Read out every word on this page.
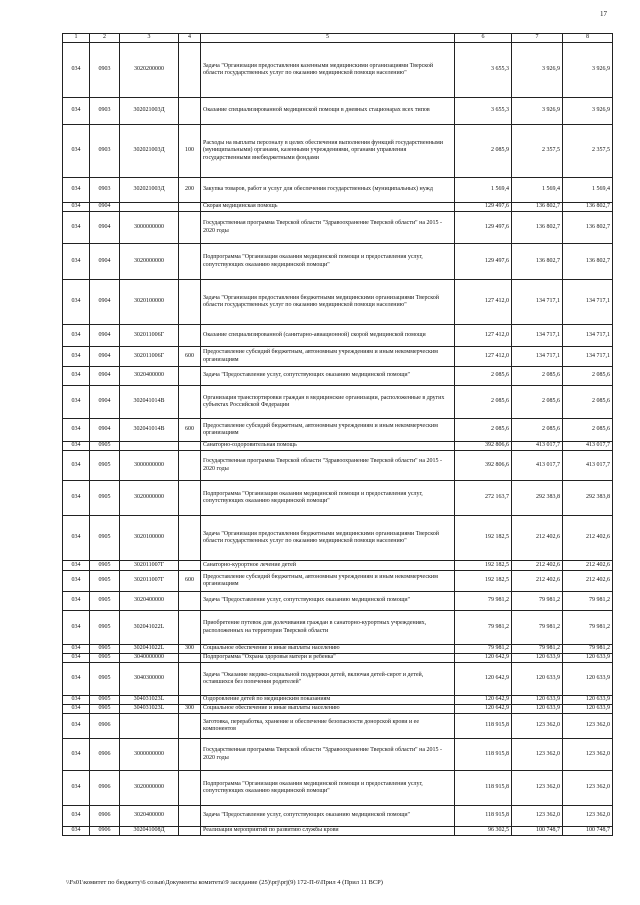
17
1	2	3	4	5	6	7	8
034	0903	3020200000		Задача "Организация предоставления казенными медицинскими организациями Тверской области государственных услуг по оказанию медицинской помощи населению"	3 655,3	3 926,9	3 926,9
034	0903	302021003Д		Оказание специализированной медицинской помощи в дневных стационарах всех типов	3 655,3	3 926,9	3 926,9
034	0903	302021003Д	100	Расходы на выплаты персоналу в целях обеспечения выполнения функций государственными (муниципальными) органами, казенными учреждениями, органами управления государственными внебюджетными фондами	2 085,9	2 357,5	2 357,5
034	0903	302021003Д	200	Закупка товаров, работ и услуг для обеспечения государственных (муниципальных) нужд	1 569,4	1 569,4	1 569,4
034	0904			Скорая медицинская помощь	129 497,6	136 802,7	136 802,7
034	0904	3000000000		Государственная программа Тверской области "Здравоохранение Тверской области" на 2015 - 2020 годы	129 497,6	136 802,7	136 802,7
034	0904	3020000000		Подпрограмма "Организация оказания медицинской помощи и предоставления услуг, сопутствующих оказанию медицинской помощи"	129 497,6	136 802,7	136 802,7
034	0904	3020100000		Задача "Организация предоставления бюджетными медицинскими организациями Тверской области государственных услуг по оказанию медицинской помощи населению"	127 412,0	134 717,1	134 717,1
034	0904	302011006Г		Оказание специализированной (санитарно-авиационной) скорой медицинской помощи	127 412,0	134 717,1	134 717,1
034	0904	302011006Г	600	Предоставление субсидий бюджетным, автономным учреждениям и иным некоммерческим организациям	127 412,0	134 717,1	134 717,1
034	0904	3020400000		Задача "Предоставление услуг, сопутствующих оказанию медицинской помощи"	2 085,6	2 085,6	2 085,6
034	0904	302041014В		Организация транспортировки граждан в медицинские организации, расположенные в других субъектах Российской Федерации	2 085,6	2 085,6	2 085,6
034	0904	302041014В	600	Предоставление субсидий бюджетным, автономным учреждениям и иным некоммерческим организациям	2 085,6	2 085,6	2 085,6
034	0905			Санаторно-оздоровительная помощь	392 806,6	413 017,7	413 017,7
034	0905	3000000000		Государственная программа Тверской области "Здравоохранение Тверской области" на 2015 - 2020 годы	392 806,6	413 017,7	413 017,7
034	0905	3020000000		Подпрограмма "Организация оказания медицинской помощи и предоставления услуг, сопутствующих оказанию медицинской помощи"	272 163,7	292 383,8	292 383,8
034	0905	3020100000		Задача "Организация предоставления бюджетными медицинскими организациями Тверской области государственных услуг по оказанию медицинской помощи населению"	192 182,5	212 402,6	212 402,6
034	0905	302011007Г		Санаторно-курортное лечение детей	192 182,5	212 402,6	212 402,6
034	0905	302011007Г	600	Предоставление субсидий бюджетным, автономным учреждениям и иным некоммерческим организациям	192 182,5	212 402,6	212 402,6
034	0905	3020400000		Задача "Предоставление услуг, сопутствующих оказанию медицинской помощи"	79 981,2	79 981,2	79 981,2
034	0905	302041022L		Приобретение путевок для долечивания граждан в санаторно-курортных учреждениях, расположенных на территории Тверской области	79 981,2	79 981,2	79 981,2
034	0905	302041022L	300	Социальное обеспечение и иные выплаты населению	79 981,2	79 981,2	79 981,2
034	0905	3040000000		Подпрограмма "Охрана здоровья матери и ребенка"	120 642,9	120 633,9	120 633,9
034	0905	3040300000		Задача "Оказание медико-социальной поддержки детей, включая детей-сирот и детей, оставшихся без попечения родителей"	120 642,9	120 633,9	120 633,9
034	0905	304031023L		Оздоровление детей по медицинским показаниям	120 642,9	120 633,9	120 633,9
034	0905	304031023L	300	Социальное обеспечение и иные выплаты населению	120 642,9	120 633,9	120 633,9
034	0906			Заготовка, переработка, хранение и обеспечение безопасности донорской крови и ее компонентов	118 915,8	123 362,0	123 362,0
034	0906	3000000000		Государственная программа Тверской области "Здравоохранение Тверской области" на 2015 - 2020 годы	118 915,8	123 362,0	123 362,0
034	0906	3020000000		Подпрограмма "Организация оказания медицинской помощи и предоставления услуг, сопутствующих оказанию медицинской помощи"	118 915,8	123 362,0	123 362,0
034	0906	3020400000		Задача "Предоставление услуг, сопутствующих оказанию медицинской помощи"	118 915,8	123 362,0	123 362,0
034	0906	302041008Д		Реализация мероприятий по развитию службы крови	96 302,5	100 748,7	100 748,7
\\Fs01\комитет по бюджету\6 созыв\Документы комитета\9 заседание (25)\prj\prj(9) 172-П-6\Прил 4 (Прил 11 ВСР)
